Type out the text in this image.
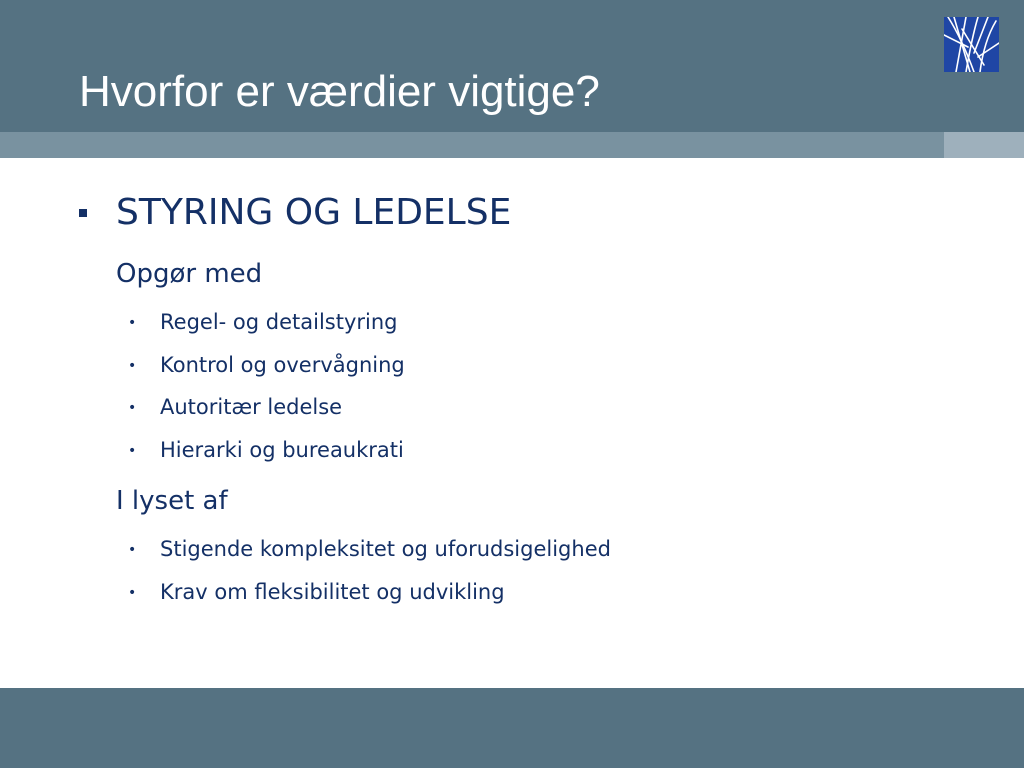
Hvorfor er værdier vigtige?
STYRING OG LEDELSE
Opgør med
• Regel- og detailstyring
• Kontrol og overvågning
• Autoritær ledelse
• Hierarki og bureaukrati
I lyset af
• Stigende kompleksitet og uforudsigelighed
• Krav om fleksibilitet og udvikling
